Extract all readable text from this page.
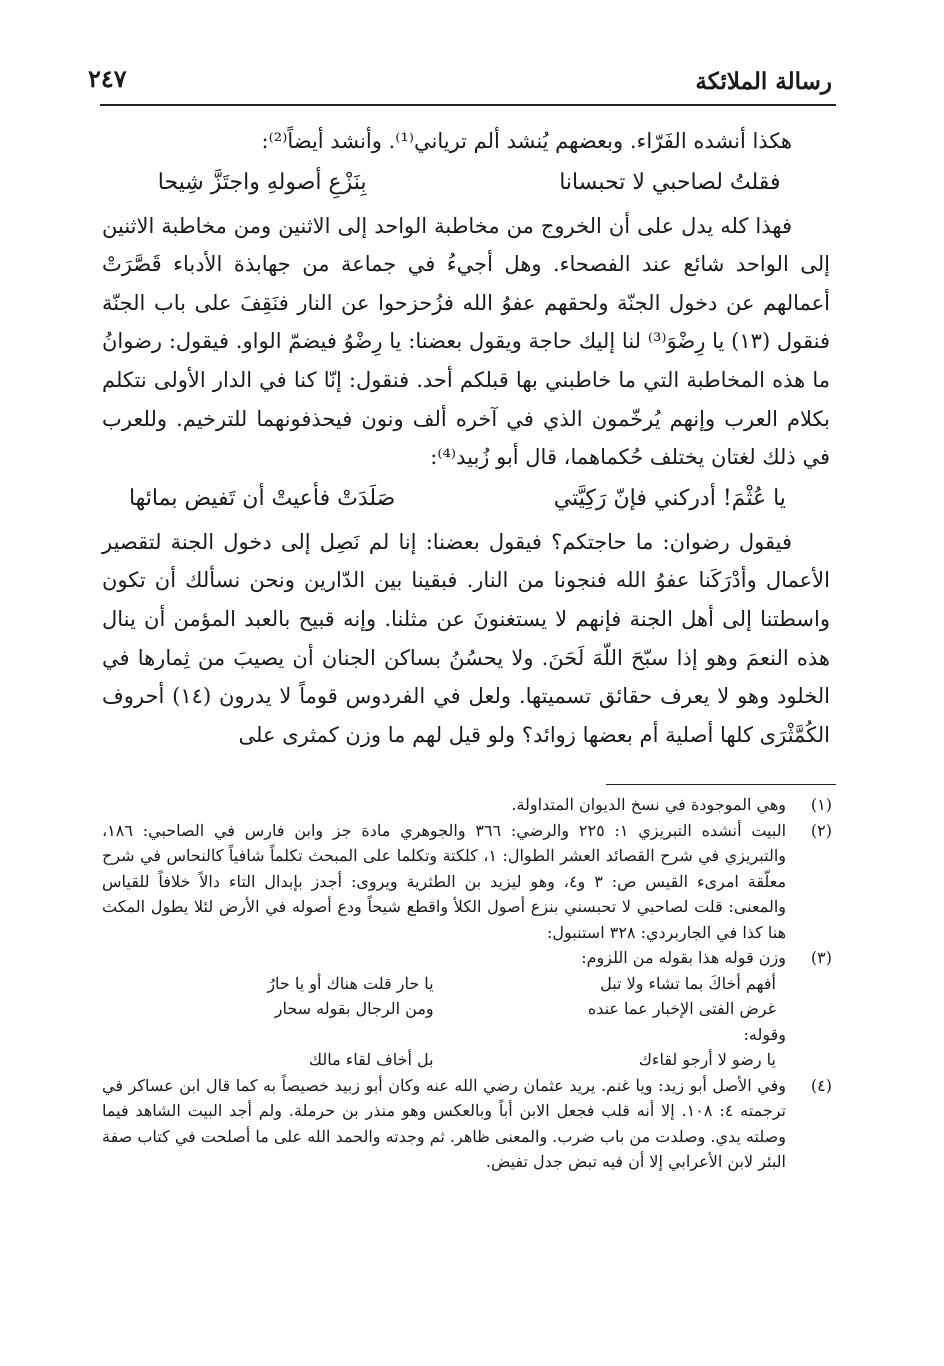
رسالة الملائكة
٢٤٧

هكذا أنشده الفَرّاء. وبعضهم يُنشد ألم ترياني⁽¹⁾. وأنشد أيضاً⁽²⁾:

فقلتُ لصاحبي لا تحبسانا
بِنَزْعِ أصولهِ واجتَزَّ شِيحا

فهذا كله يدل على أن الخروج من مخاطبة الواحد إلى الاثنين ومن مخاطبة الاثنين إلى الواحد شائع عند الفصحاء. وهل أجيءُ في جماعة من جهابذة الأدباء قَصَّرَتْ أعمالهم عن دخول الجنّة ولحقهم عفوُ الله فزُحزحوا عن النار فنَقِفَ على باب الجنّة فنقول (١٣) يا رِضْوَ⁽³⁾ لنا إليك حاجة ويقول بعضنا: يا رِضْوُ فيضمّ الواو. فيقول: رضوانُ ما هذه المخاطبة التي ما خاطبني بها قبلكم أحد. فنقول: إنّا كنا في الدار الأولى نتكلم بكلام العرب وإنهم يُرخّمون الذي في آخره ألف ونون فيحذفونهما للترخيم. وللعرب في ذلك لغتان يختلف حُكماهما، قال أبو زُبيد⁽⁴⁾:

يا عُثْمَ! أدركني فإنّ رَكِيَّتي
صَلَدَتْ فأعيتْ أن تَفيض بمائها

فيقول رضوان: ما حاجتكم؟ فيقول بعضنا: إنا لم نَصِل إلى دخول الجنة لتقصير الأعمال وأدْرَكَنا عفوُ الله فنجونا من النار. فبقينا بين الدّارين ونحن نسألك أن تكون واسطتنا إلى أهل الجنة فإنهم لا يستغنونَ عن مثلنا. وإنه قبيح بالعبد المؤمن أن ينال هذه النعمَ وهو إذا سبّحَ اللّهَ لَحَنَ. ولا يحسُنُ بساكن الجنان أن يصيبَ من ثِمارها في الخلود وهو لا يعرف حقائق تسميتها. ولعل في الفردوس قوماً لا يدرون (١٤) أحروف الكُمَّثْرَى كلها أصلية أم بعضها زوائد؟ ولو قيل لهم ما وزن كمثرى على

(١)

وهي الموجودة في نسخ الديوان المتداولة.

(٢)

البيت أنشده التبريزي ١: ٢٢٥ والرضي: ٣٦٦ والجوهري مادة جز وابن فارس في الصاحبي: ١٨٦، والتبريزي في شرح القصائد العشر الطوال: ١، كلكتة وتكلما على المبحث تكلماً شافياً كالنحاس في شرح معلّقة امرىء القيس ص: ٣ و٤، وهو ليزيد بن الطثرية ويروى: أجدز بإبدال التاء دالاً خلافاً للقياس والمعنى: قلت لصاحبي لا تحبسني بنزع أصول الكلأ واقطع شيحاً ودع أصوله في الأرض لئلا يطول المكث هنا كذا في الجاربردي: ٣٢٨ استنبول:

(٣)

وزن قوله هذا بقوله من اللزوم:

أفهم أخاكَ بما تشاء ولا تبل
يا حار قلت هناك أو يا حارُ
غرض الفتى الإخبار عما عنده
ومن الرجال بقوله سحار

وقوله:

يا رضو لا أرجو لقاءك
بل أخاف لقاء مالك
(٤)

وفي الأصل أبو زيد: ويا غنم. يريد عثمان رضي الله عنه وكان أبو زبيد خصيصاً به كما قال ابن عساكر في ترجمته ٤: ١٠٨. إلا أنه قلب فجعل الابن أباً وبالعكس وهو منذر بن حرملة. ولم أجد البيت الشاهد فيما وصلته يدي. وصلدت من باب ضرب. والمعنى ظاهر. ثم وجدته والحمد الله على ما أصلحت في كتاب صفة البئر لابن الأعرابي إلا أن فيه تبض جدل تفيض.
